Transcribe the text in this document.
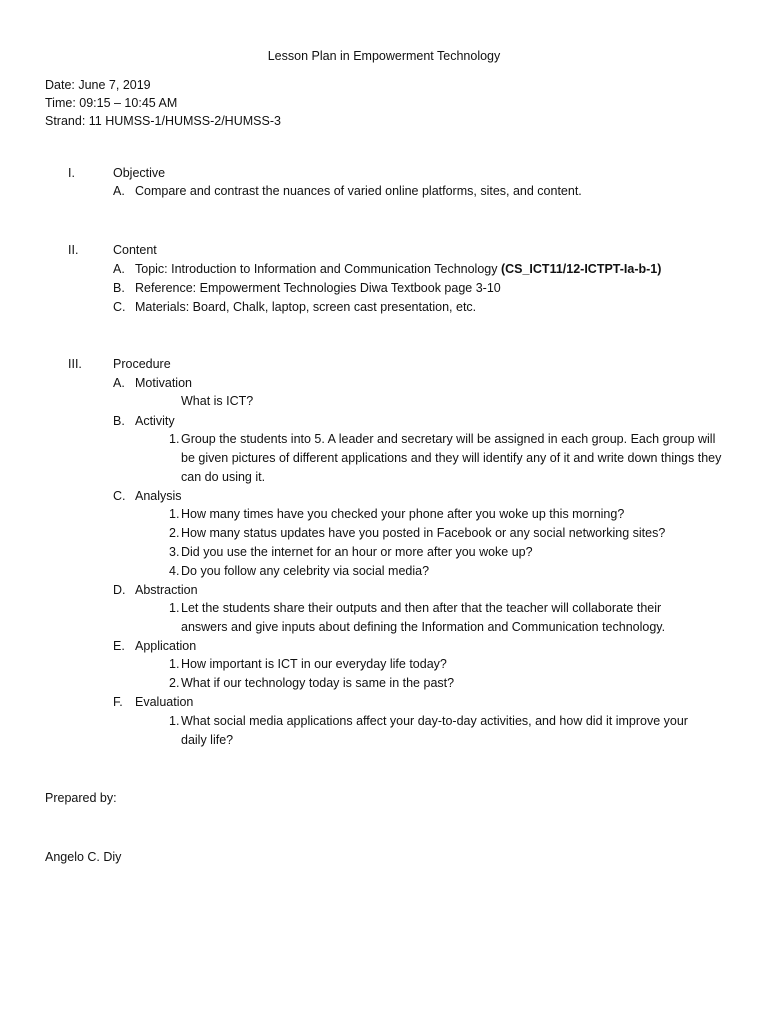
Lesson Plan in Empowerment Technology
Date: June 7, 2019
Time: 09:15 – 10:45 AM
Strand: 11 HUMSS-1/HUMSS-2/HUMSS-3
I.	Objective
A. Compare and contrast the nuances of varied online platforms, sites, and content.
II.	Content
A. Topic: Introduction to Information and Communication Technology (CS_ICT11/12-ICTPT-Ia-b-1)
B. Reference: Empowerment Technologies Diwa Textbook page 3-10
C. Materials: Board, Chalk, laptop, screen cast presentation, etc.
III. Procedure
A. Motivation
What is ICT?
B. Activity
1. Group the students into 5. A leader and secretary will be assigned in each group. Each group will be given pictures of different applications and they will identify any of it and write down things they can do using it.
C. Analysis
1. How many times have you checked your phone after you woke up this morning?
2. How many status updates have you posted in Facebook or any social networking sites?
3. Did you use the internet for an hour or more after you woke up?
4. Do you follow any celebrity via social media?
D. Abstraction
1. Let the students share their outputs and then after that the teacher will collaborate their answers and give inputs about defining the Information and Communication technology.
E. Application
1. How important is ICT in our everyday life today?
2. What if our technology today is same in the past?
F. Evaluation
1. What social media applications affect your day-to-day activities, and how did it improve your daily life?
Prepared by:
Angelo C. Diy
